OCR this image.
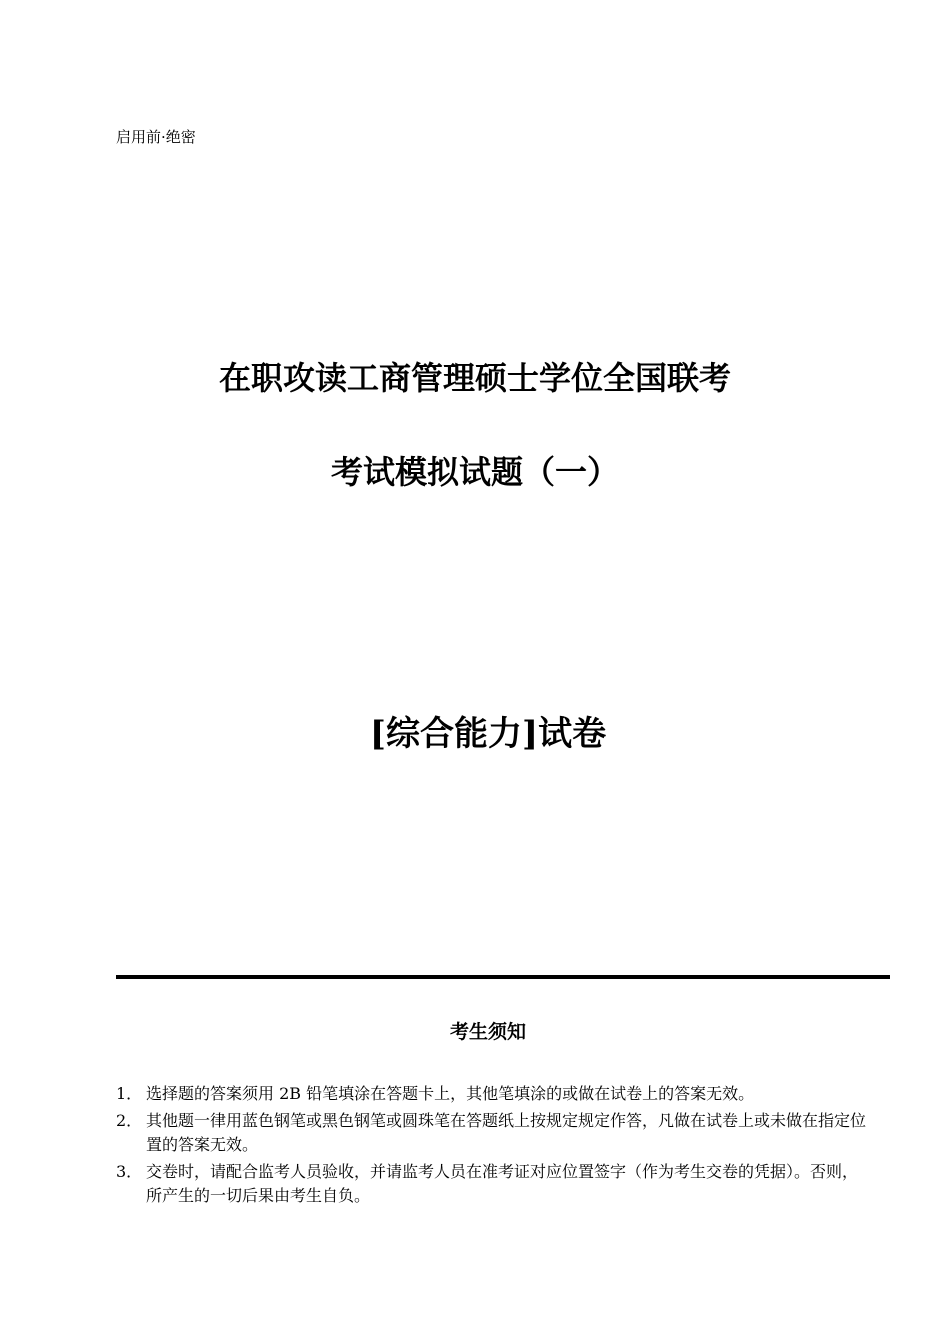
启用前·绝密
在职攻读工商管理硕士学位全国联考
考试模拟试题（一）
[综合能力]试卷
考生须知
1． 选择题的答案须用 2B 铅笔填涂在答题卡上，其他笔填涂的或做在试卷上的答案无效。
2． 其他题一律用蓝色钢笔或黑色钢笔或圆珠笔在答题纸上按规定规定作答，凡做在试卷上或未做在指定位置的答案无效。
3． 交卷时，请配合监考人员验收，并请监考人员在准考证对应位置签字（作为考生交卷的凭据）。否则，所产生的一切后果由考生自负。
